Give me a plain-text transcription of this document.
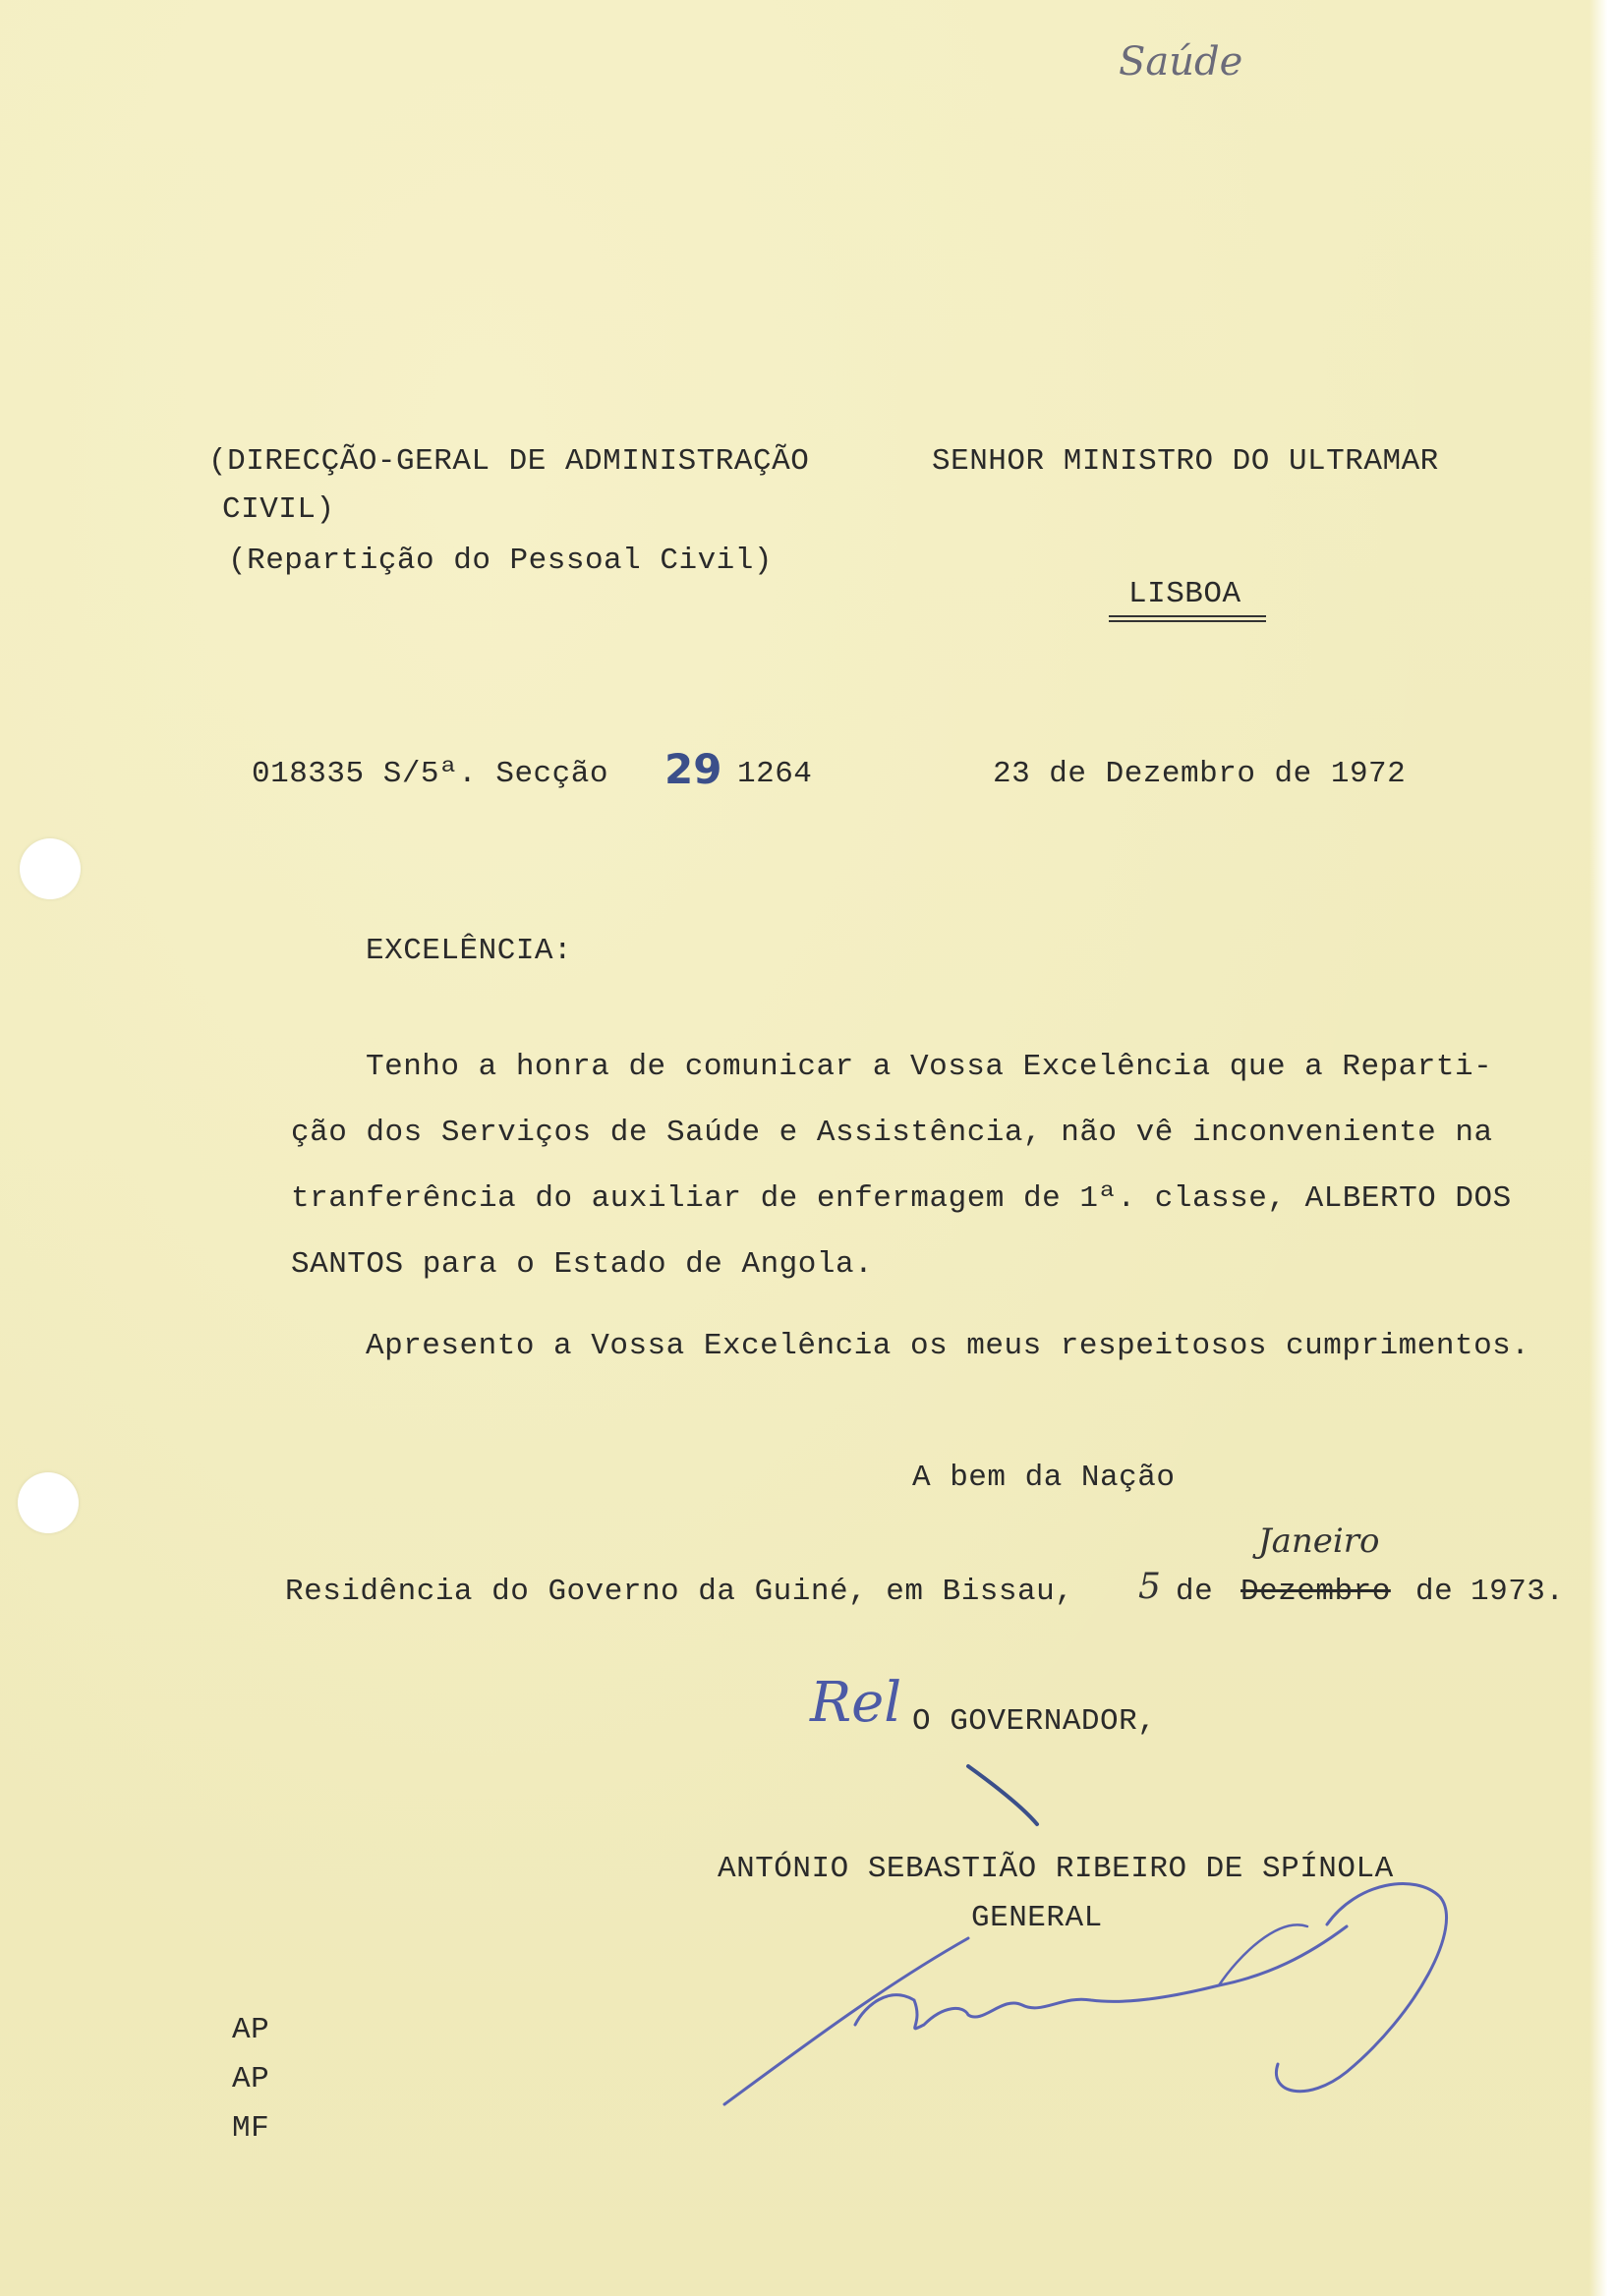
Saúde
(DIRECÇÃO-GERAL DE ADMINISTRAÇÃO
CIVIL)
(Repartição do Pessoal Civil)
SENHOR MINISTRO DO ULTRAMAR
LISBOA
018335 S/5ª. Secção 29 1264	23 de Dezembro de 1972
EXCELÊNCIA:
Tenho a honra de comunicar a Vossa Excelência que a Reparti-
ção dos Serviços de Saúde e Assistência, não vê inconveniente na
tranferência do auxiliar de enfermagem de 1ª. classe, ALBERTO DOS
SANTOS para o Estado de Angola.
Apresento a Vossa Excelência os meus respeitosos cumprimentos.
A bem da Nação
Residência do Governo da Guiné, em Bissau, 5 de Dezembro
Janeiro
de 1973.
Rel O GOVERNADOR,
ANTÓNIO SEBASTIÃO RIBEIRO DE SPÍNOLA
GENERAL
AP
AP
MF
